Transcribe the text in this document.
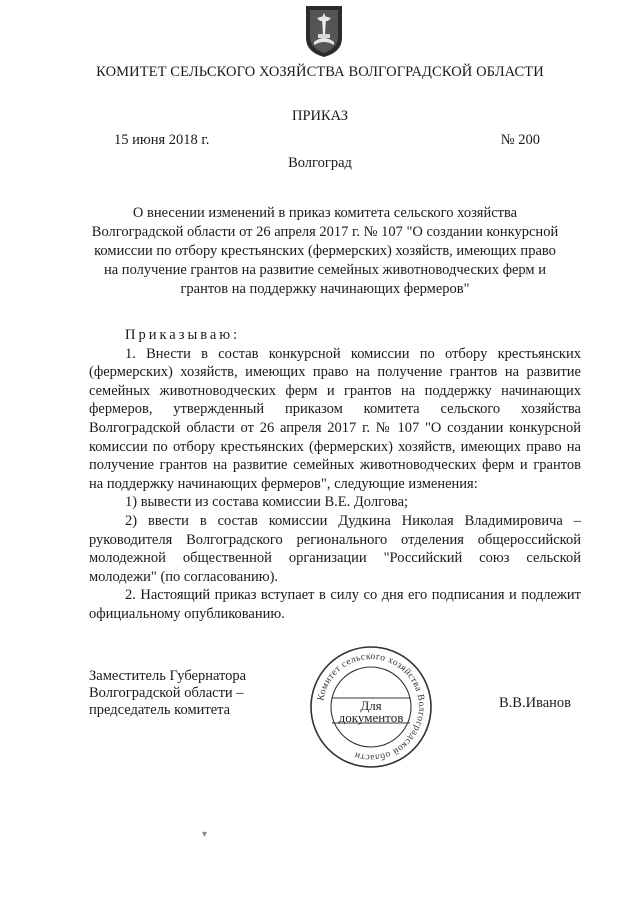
КОМИТЕТ СЕЛЬСКОГО ХОЗЯЙСТВА ВОЛГОГРАДСКОЙ ОБЛАСТИ
ПРИКАЗ
15 июня 2018 г.	№ 200
Волгоград
О внесении изменений в приказ комитета сельского хозяйства Волгоградской области от 26 апреля 2017 г. № 107 "О создании конкурсной комиссии по отбору крестьянских (фермерских) хозяйств, имеющих право на получение грантов на развитие семейных животноводческих ферм и грантов на поддержку начинающих фермеров"

Приказываю:

1. Внести в состав конкурсной комиссии по отбору крестьянских (фермерских) хозяйств, имеющих право на получение грантов на развитие семейных животноводческих ферм и грантов на поддержку начинающих фермеров, утвержденный приказом комитета сельского хозяйства Волгоградской области от 26 апреля 2017 г. № 107 "О создании конкурсной комиссии по отбору крестьянских (фермерских) хозяйств, имеющих право на получение грантов на развитие семейных животноводческих ферм и грантов на поддержку начинающих фермеров", следующие изменения:

1) вывести из состава комиссии В.Е. Долгова;

2) ввести в состав комиссии Дудкина Николая Владимировича – руководителя Волгоградского регионального отделения общероссийской молодежной общественной организации "Российский союз сельской молодежи" (по согласованию).

2. Настоящий приказ вступает в силу со дня его подписания и подлежит официальному опубликованию.

Заместитель Губернатора
Волгоградской области –
председатель комитета
Комитет сельского хозяйства Волгоградской области
Для
документов
В.В.Иванов
▾
